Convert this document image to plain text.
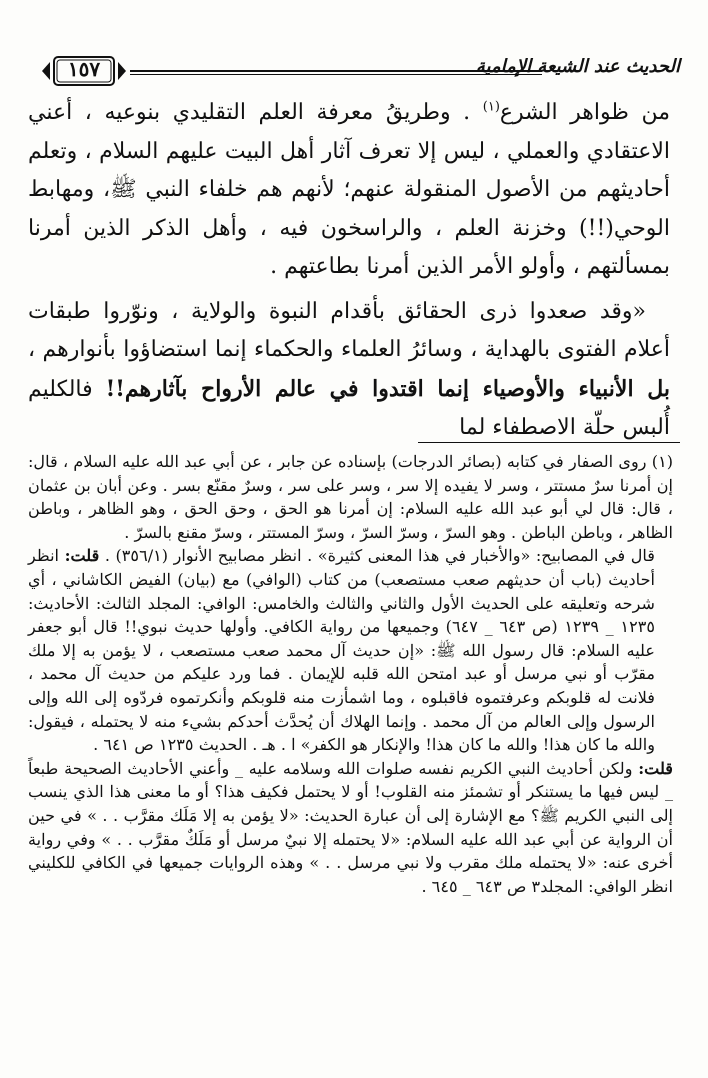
١٥٧	الحديث عند الشيعة الإمامية

من ظواهر الشرع$^{(١)}$ . وطريقُ معرفة العلم التقليدي بنوعيه ، أعني الاعتقادي والعملي ، ليس إلا تعرف آثار أهل البيت عليهم السلام ، وتعلم أحاديثهم من الأصول المنقولة عنهم؛ لأنهم هم خلفاء النبي ﷺ، ومهابط الوحي(!!) وخزنة العلم ، والراسخون فيه ، وأهل الذكر الذين أمرنا بمسألتهم ، وأولو الأمر الذين أمرنا بطاعتهم .

«وقد صعدوا ذرى الحقائق بأقدام النبوة والولاية ، ونوّروا طبقات أعلام الفتوى بالهداية ، وسائرُ العلماء والحكماء إنما استضاؤوا بأنوارهم ، بل الأنبياء والأوصياء إنما اقتدوا في عالم الأرواح بآثارهم!! فالكليم أُلبس حلّة الاصطفاء لما

(١) روى الصفار في كتابه (بصائر الدرجات) بإسناده عن جابر ، عن أبي عبد الله عليه السلام ، قال: إن أمرنا سرٌ مستتر ، وسر لا يفيده إلا سر ، وسر على سر ، وسرٌ مقنّع بسر . وعن أبان بن عثمان ، قال: قال لي أبو عبد الله عليه السلام: إن أمرنا هو الحق ، وحق الحق ، وهو الظاهر ، وباطن الظاهر ، وباطن الباطن . وهو السرّ ، وسرّ السرّ ، وسرّ المستتر ، وسرّ مقنع بالسرّ .

قال في المصابيح: «والأخبار في هذا المعنى كثيرة» . انظر مصابيح الأنوار (٣٥٦/١) . قلت: انظر أحاديث (باب أن حديثهم صعب مستصعب) من كتاب (الوافي) مع (بيان) الفيض الكاشاني ، أي شرحه وتعليقه على الحديث الأول والثاني والثالث والخامس: الوافي: المجلد الثالث: الأحاديث: ١٢٣٥ _ ١٢٣٩ (ص ٦٤٣ _ ٦٤٧) وجميعها من رواية الكافي. وأولها حديث نبوي!! قال أبو جعفر عليه السلام: قال رسول الله ﷺ: «إن حديث آل محمد صعب مستصعب ، لا يؤمن به إلا ملك مقرّب أو نبي مرسل أو عبد امتحن الله قلبه للإيمان . فما ورد عليكم من حديث آل محمد ، فلانت له قلوبكم وعرفتموه فاقبلوه ، وما اشمأزت منه قلوبكم وأنكرتموه فردّوه إلى الله وإلى الرسول وإلى العالم من آل محمد . وإنما الهلاك أن يُحدَّث أحدكم بشيء منه لا يحتمله ، فيقول: والله ما كان هذا! والله ما كان هذا! والإنكار هو الكفر» ا . هـ . الحديث ١٢٣٥ ص ٦٤١ .

قلت: ولكن أحاديث النبي الكريم نفسه صلوات الله وسلامه عليه _ وأعني الأحاديث الصحيحة طبعاً _ ليس فيها ما يستنكر أو تشمئز منه القلوب! أو لا يحتمل فكيف هذا؟ أو ما معنى هذا الذي ينسب إلى النبي الكريم ﷺ؟ مع الإشارة إلى أن عبارة الحديث: «لا يؤمن به إلا مَلَك مقرَّب . . » في حين أن الرواية عن أبي عبد الله عليه السلام: «لا يحتمله إلا نبيٌ مرسل أو مَلَكٌ مقرَّب . . » وفي رواية أخرى عنه: «لا يحتمله ملك مقرب ولا نبي مرسل . . » وهذه الروايات جميعها في الكافي للكليني انظر الوافي: المجلد٣ ص ٦٤٣ _ ٦٤٥ .
